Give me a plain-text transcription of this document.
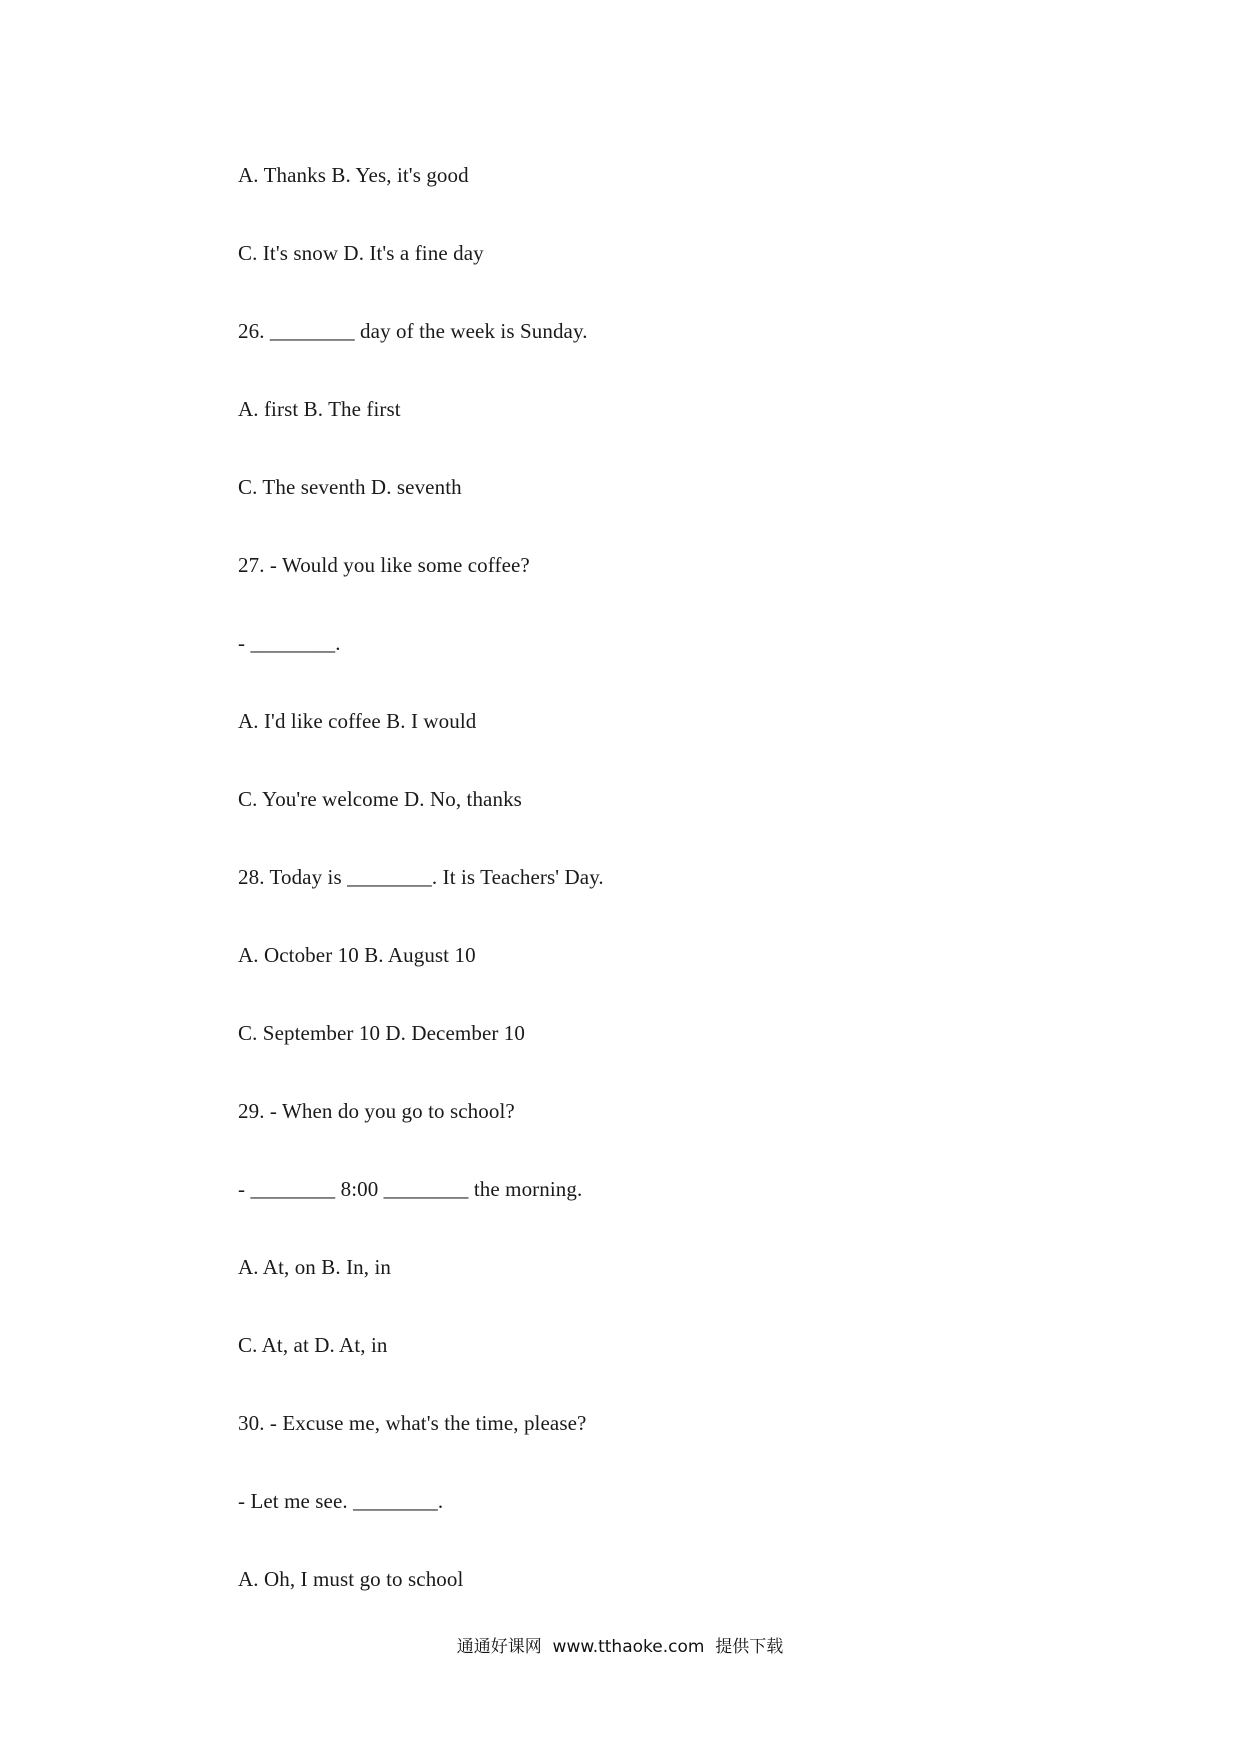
A. Thanks B. Yes, it's good
C. It's snow D. It's a fine day
26. ________ day of the week is Sunday.
A. first B. The first
C. The seventh D. seventh
27. - Would you like some coffee?
- ________.
A. I'd like coffee B. I would
C. You're welcome D. No, thanks
28. Today is ________. It is Teachers' Day.
A. October 10 B. August 10
C. September 10 D. December 10
29. - When do you go to school?
- ________ 8:00 ________ the morning.
A. At, on B. In, in
C. At, at D. At, in
30. - Excuse me, what's the time, please?
- Let me see. ________.
A. Oh, I must go to school
通通好课网  www.tthaoke.com  提供下载
